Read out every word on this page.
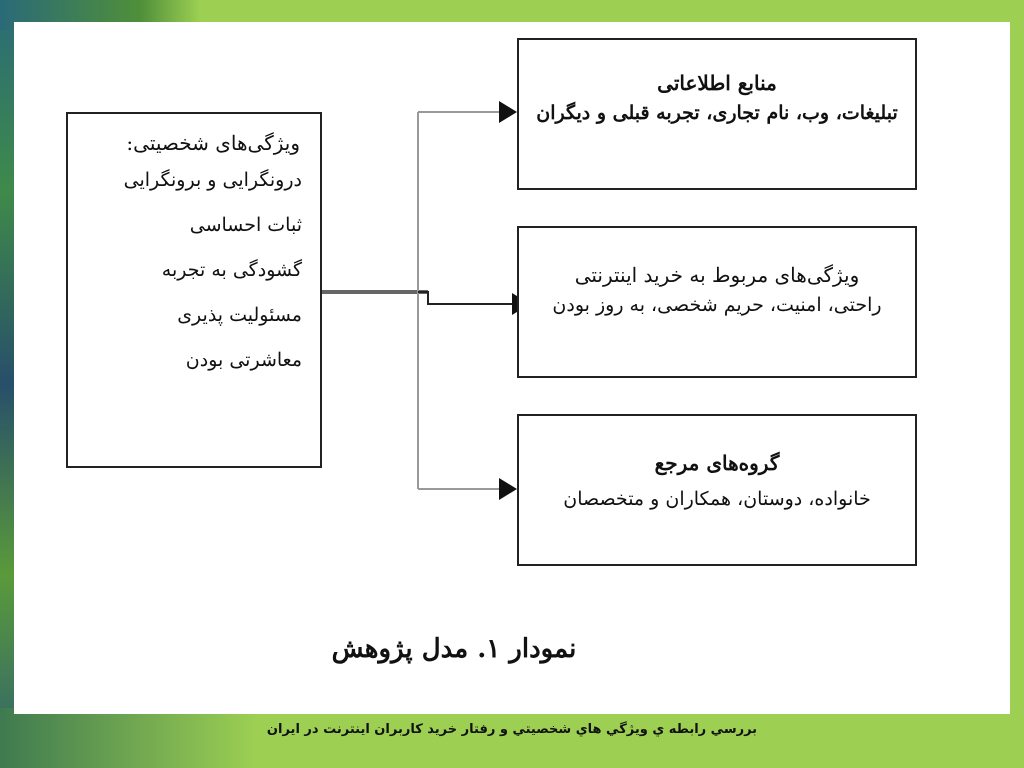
ویژگی‌های شخصیتی:
درونگرایی و برونگرایی
ثبات احساسی
گشودگی به تجربه
مسئولیت پذیری
معاشرتی بودن
منابع اطلاعاتی
تبلیغات، وب، نام تجاری، تجربه قبلی و دیگران
ویژگی‌های مربوط به خرید اینترنتی
راحتی، امنیت، حریم شخصی، به روز بودن
گروه‌های مرجع
خانواده، دوستان، همکاران و متخصصان
نمودار ۱. مدل پژوهش
بررسي رابطه ي ويژگي هاي شخصيتي و رفتار خريد كاربران اينترنت در ايران
